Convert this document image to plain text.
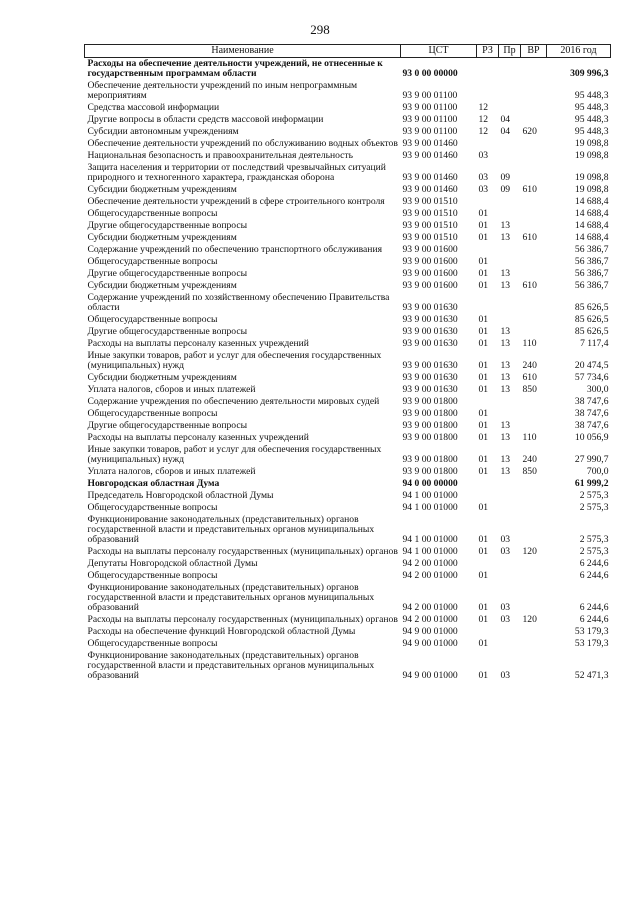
298
Наименование	ЦСТ	РЗ	Пр	ВР	2016 год
Расходы на обеспечение деятельности учреждений, не отнесенные к государственным программам области	93 0 00 00000				309 996,3
Обеспечение деятельности учреждений по иным непрограммным мероприятиям	93 9 00 01100				95 448,3
Средства массовой информации	93 9 00 01100	12			95 448,3
Другие вопросы в области средств массовой информации	93 9 00 01100	12	04		95 448,3
Субсидии автономным учреждениям	93 9 00 01100	12	04	620	95 448,3
Обеспечение деятельности учреждений по обслуживанию водных объектов	93 9 00 01460				19 098,8
Национальная безопасность и правоохранительная деятельность	93 9 00 01460	03			19 098,8
Защита населения и территории от последствий чрезвычайных ситуаций природного и техногенного характера, гражданская оборона	93 9 00 01460	03	09		19 098,8
Субсидии бюджетным учреждениям	93 9 00 01460	03	09	610	19 098,8
Обеспечение деятельности учреждений в сфере строительного контроля	93 9 00 01510				14 688,4
Общегосударственные вопросы	93 9 00 01510	01			14 688,4
Другие общегосударственные вопросы	93 9 00 01510	01	13		14 688,4
Субсидии бюджетным учреждениям	93 9 00 01510	01	13	610	14 688,4
Содержание учреждений по обеспечению транспортного обслуживания	93 9 00 01600				56 386,7
Общегосударственные вопросы	93 9 00 01600	01			56 386,7
Другие общегосударственные вопросы	93 9 00 01600	01	13		56 386,7
Субсидии бюджетным учреждениям	93 9 00 01600	01	13	610	56 386,7
Содержание учреждений по хозяйственному обеспечению Правительства области	93 9 00 01630				85 626,5
Общегосударственные вопросы	93 9 00 01630	01			85 626,5
Другие общегосударственные вопросы	93 9 00 01630	01	13		85 626,5
Расходы на выплаты персоналу казенных учреждений	93 9 00 01630	01	13	110	7 117,4
Иные закупки товаров, работ и услуг для обеспечения государственных (муниципальных) нужд	93 9 00 01630	01	13	240	20 474,5
Субсидии бюджетным учреждениям	93 9 00 01630	01	13	610	57 734,6
Уплата налогов, сборов и иных платежей	93 9 00 01630	01	13	850	300,0
Содержание учреждения по обеспечению деятельности мировых судей	93 9 00 01800				38 747,6
Общегосударственные вопросы	93 9 00 01800	01			38 747,6
Другие общегосударственные вопросы	93 9 00 01800	01	13		38 747,6
Расходы на выплаты персоналу казенных учреждений	93 9 00 01800	01	13	110	10 056,9
Иные закупки товаров, работ и услуг для обеспечения государственных (муниципальных) нужд	93 9 00 01800	01	13	240	27 990,7
Уплата налогов, сборов и иных платежей	93 9 00 01800	01	13	850	700,0
Новгородская областная Дума	94 0 00 00000				61 999,2
Председатель Новгородской областной Думы	94 1 00 01000				2 575,3
Общегосударственные вопросы	94 1 00 01000	01			2 575,3
Функционирование законодательных (представительных) органов государственной власти и представительных органов муниципальных образований	94 1 00 01000	01	03		2 575,3
Расходы на выплаты персоналу государственных (муниципальных) органов	94 1 00 01000	01	03	120	2 575,3
Депутаты Новгородской областной Думы	94 2 00 01000				6 244,6
Общегосударственные вопросы	94 2 00 01000	01			6 244,6
Функционирование законодательных (представительных) органов государственной власти и представительных органов муниципальных образований	94 2 00 01000	01	03		6 244,6
Расходы на выплаты персоналу государственных (муниципальных) органов	94 2 00 01000	01	03	120	6 244,6
Расходы на обеспечение функций Новгородской областной Думы	94 9 00 01000				53 179,3
Общегосударственные вопросы	94 9 00 01000	01			53 179,3
Функционирование законодательных (представительных) органов государственной власти и представительных органов муниципальных образований	94 9 00 01000	01	03		52 471,3
